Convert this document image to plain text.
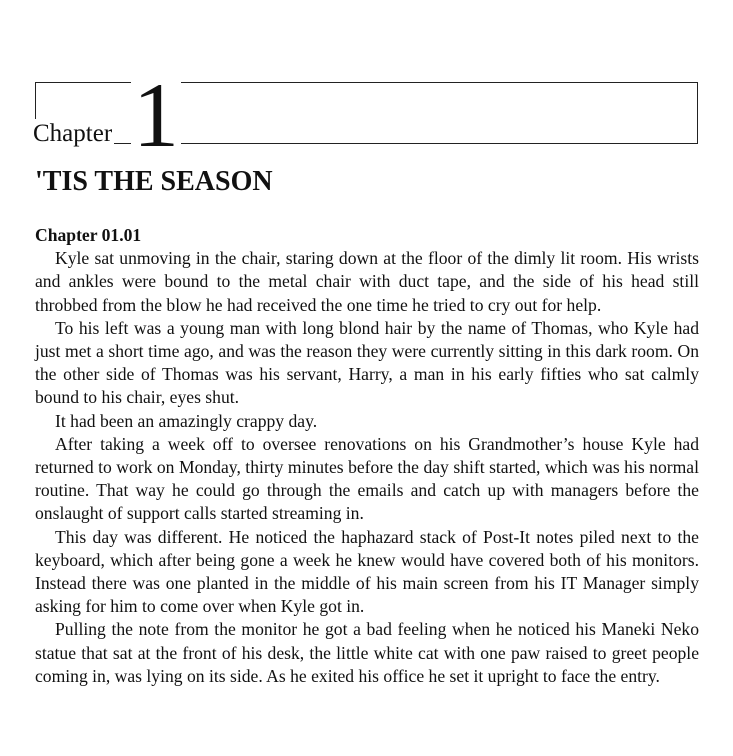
Chapter 1
'TIS THE SEASON

Chapter 01.01

Kyle sat unmoving in the chair, staring down at the floor of the dimly lit room. His wrists and ankles were bound to the metal chair with duct tape, and the side of his head still throbbed from the blow he had received the one time he tried to cry out for help.

To his left was a young man with long blond hair by the name of Thomas, who Kyle had just met a short time ago, and was the reason they were currently sitting in this dark room. On the other side of Thomas was his servant, Harry, a man in his early fifties who sat calmly bound to his chair, eyes shut.

It had been an amazingly crappy day.

After taking a week off to oversee renovations on his Grandmother’s house Kyle had returned to work on Monday, thirty minutes before the day shift started, which was his normal routine. That way he could go through the emails and catch up with managers before the onslaught of support calls started streaming in.

This day was different. He noticed the haphazard stack of Post-It notes piled next to the keyboard, which after being gone a week he knew would have covered both of his monitors. Instead there was one planted in the middle of his main screen from his IT Manager simply asking for him to come over when Kyle got in.

Pulling the note from the monitor he got a bad feeling when he noticed his Maneki Neko statue that sat at the front of his desk, the little white cat with one paw raised to greet people coming in, was lying on its side. As he exited his office he set it upright to face the entry.
